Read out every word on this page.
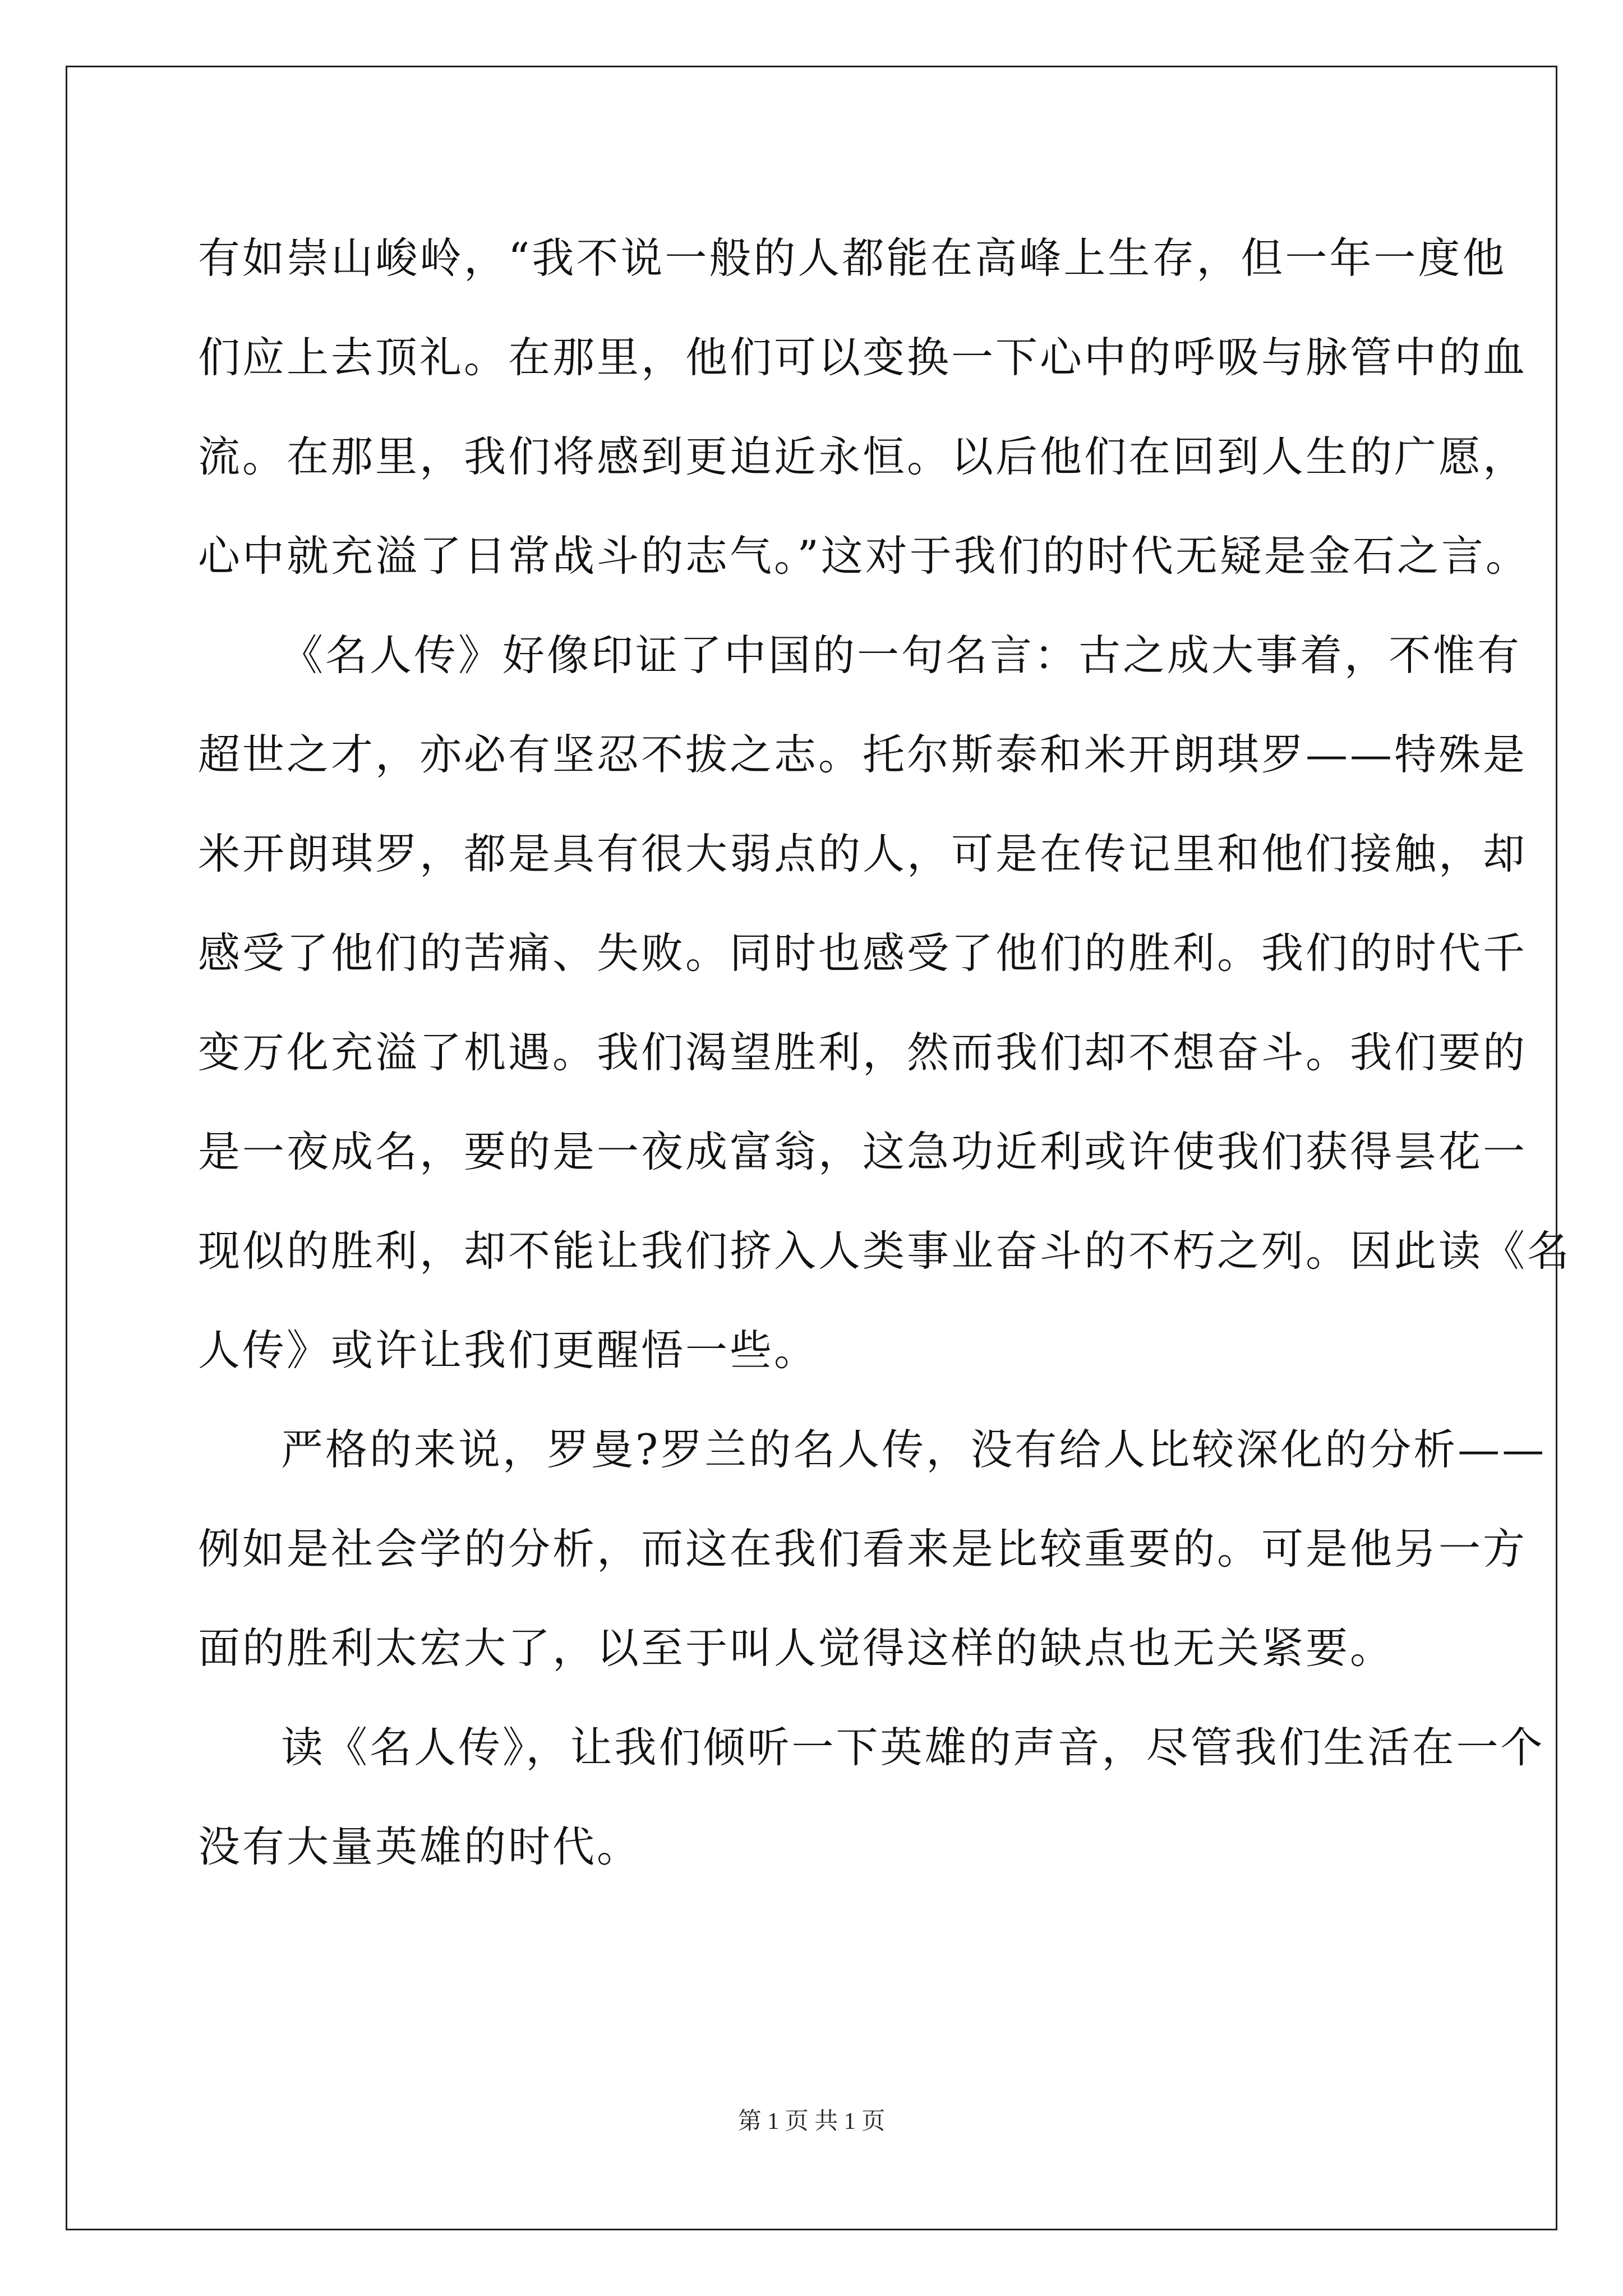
有如崇山峻岭，“我不说一般的人都能在高峰上生存，但一年一度他
们应上去顶礼。在那里，他们可以变换一下心中的呼吸与脉管中的血
流。在那里，我们将感到更迫近永恒。以后他们在回到人生的广愿，
心中就充溢了日常战斗的志气。”这对于我们的时代无疑是金石之言。
《名人传》好像印证了中国的一句名言：古之成大事着，不惟有
超世之才，亦必有坚忍不拔之志。托尔斯泰和米开朗琪罗——特殊是
米开朗琪罗，都是具有很大弱点的人，可是在传记里和他们接触，却
感受了他们的苦痛、失败。同时也感受了他们的胜利。我们的时代千
变万化充溢了机遇。我们渴望胜利，然而我们却不想奋斗。我们要的
是一夜成名，要的是一夜成富翁，这急功近利或许使我们获得昙花一
现似的胜利，却不能让我们挤入人类事业奋斗的不朽之列。因此读《名
人传》或许让我们更醒悟一些。
严格的来说，罗曼?罗兰的名人传，没有给人比较深化的分析——
例如是社会学的分析，而这在我们看来是比较重要的。可是他另一方
面的胜利太宏大了，以至于叫人觉得这样的缺点也无关紧要。
读《名人传》，让我们倾听一下英雄的声音，尽管我们生活在一个
没有大量英雄的时代。
第 1 页 共 1 页
